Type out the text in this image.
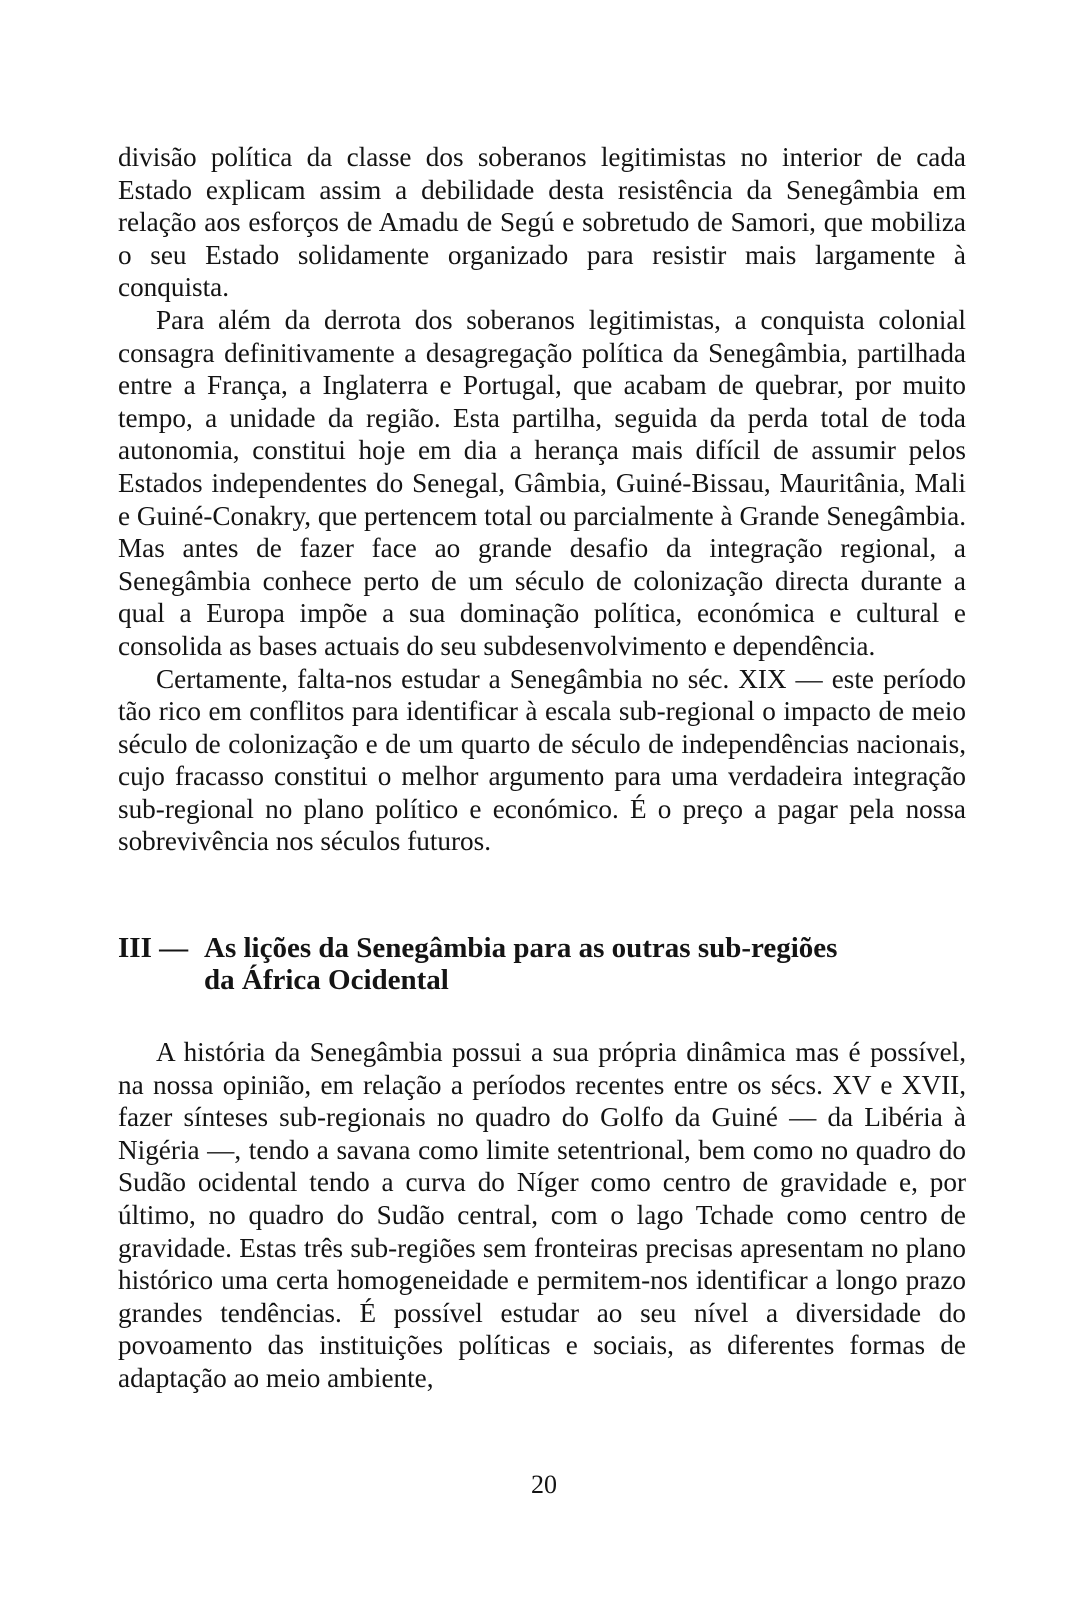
divisão política da classe dos soberanos legitimistas no interior de cada Estado explicam assim a debilidade desta resistência da Senegâmbia em relação aos esforços de Amadu de Segú e sobretudo de Samori, que mobiliza o seu Estado solidamente organizado para resistir mais largamente à conquista.

Para além da derrota dos soberanos legitimistas, a conquista colonial consagra definitivamente a desagregação política da Senegâmbia, partilhada entre a França, a Inglaterra e Portugal, que acabam de quebrar, por muito tempo, a unidade da região. Esta partilha, seguida da perda total de toda autonomia, constitui hoje em dia a herança mais difícil de assumir pelos Estados independentes do Senegal, Gâmbia, Guiné-Bissau, Mauritânia, Mali e Guiné-Conakry, que pertencem total ou parcialmente à Grande Senegâmbia. Mas antes de fazer face ao grande desafio da integração regional, a Senegâmbia conhece perto de um século de colonização directa durante a qual a Europa impõe a sua dominação política, económica e cultural e consolida as bases actuais do seu subdesenvolvimento e dependência.

Certamente, falta-nos estudar a Senegâmbia no séc. XIX — este período tão rico em conflitos para identificar à escala sub-regional o impacto de meio século de colonização e de um quarto de século de independências nacionais, cujo fracasso constitui o melhor argumento para uma verdadeira integração sub-regional no plano político e económico. É o preço a pagar pela nossa sobrevivência nos séculos futuros.

III — As lições da Senegâmbia para as outras sub-regiões
da África Ocidental

A história da Senegâmbia possui a sua própria dinâmica mas é possível, na nossa opinião, em relação a períodos recentes entre os sécs. XV e XVII, fazer sínteses sub-regionais no quadro do Golfo da Guiné — da Libéria à Nigéria —, tendo a savana como limite setentrional, bem como no quadro do Sudão ocidental tendo a curva do Níger como centro de gravidade e, por último, no quadro do Sudão central, com o lago Tchade como centro de gravidade. Estas três sub-regiões sem fronteiras precisas apresentam no plano histórico uma certa homogeneidade e permitem-nos identificar a longo prazo grandes tendências. É possível estudar ao seu nível a diversidade do povoamento das instituições políticas e sociais, as diferentes formas de adaptação ao meio ambiente,

20
